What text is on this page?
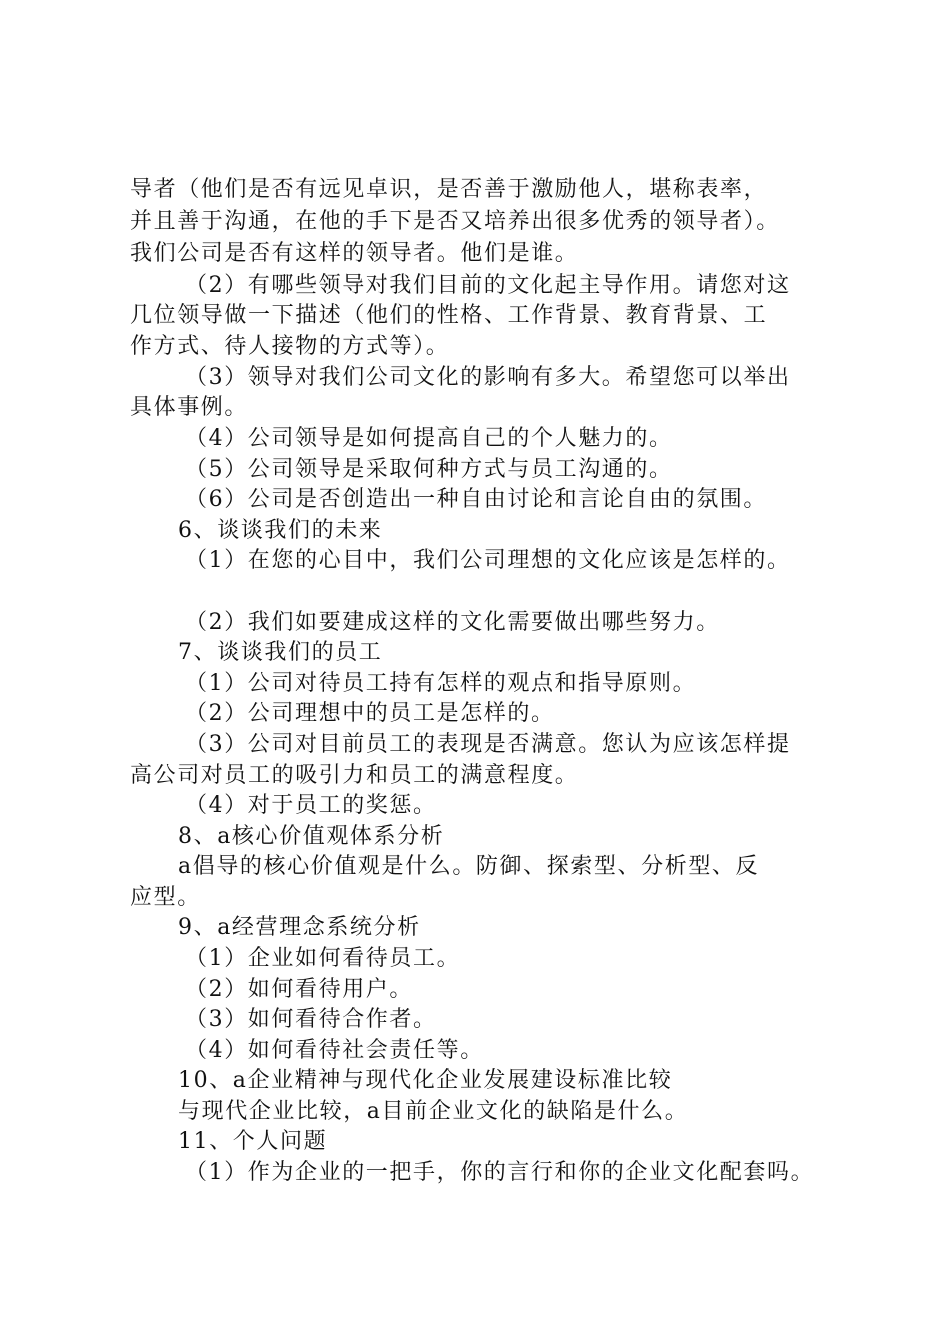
导者（他们是否有远见卓识，是否善于激励他人，堪称表率，
并且善于沟通，在他的手下是否又培养出很多优秀的领导者）。
我们公司是否有这样的领导者。他们是谁。
（2）有哪些领导对我们目前的文化起主导作用。请您对这
几位领导做一下描述（他们的性格、工作背景、教育背景、工
作方式、待人接物的方式等）。
（3）领导对我们公司文化的影响有多大。希望您可以举出
具体事例。
（4）公司领导是如何提高自己的个人魅力的。
（5）公司领导是采取何种方式与员工沟通的。
（6）公司是否创造出一种自由讨论和言论自由的氛围。
6、谈谈我们的未来
（1）在您的心目中，我们公司理想的文化应该是怎样的。
（2）我们如要建成这样的文化需要做出哪些努力。
7、谈谈我们的员工
（1）公司对待员工持有怎样的观点和指导原则。
（2）公司理想中的员工是怎样的。
（3）公司对目前员工的表现是否满意。您认为应该怎样提
高公司对员工的吸引力和员工的满意程度。
（4）对于员工的奖惩。
8、a核心价值观体系分析
a倡导的核心价值观是什么。防御、探索型、分析型、反
应型。
9、a经营理念系统分析
（1）企业如何看待员工。
（2）如何看待用户。
（3）如何看待合作者。
（4）如何看待社会责任等。
10、a企业精神与现代化企业发展建设标准比较
与现代企业比较，a目前企业文化的缺陷是什么。
11、个人问题
（1）作为企业的一把手，你的言行和你的企业文化配套吗。
